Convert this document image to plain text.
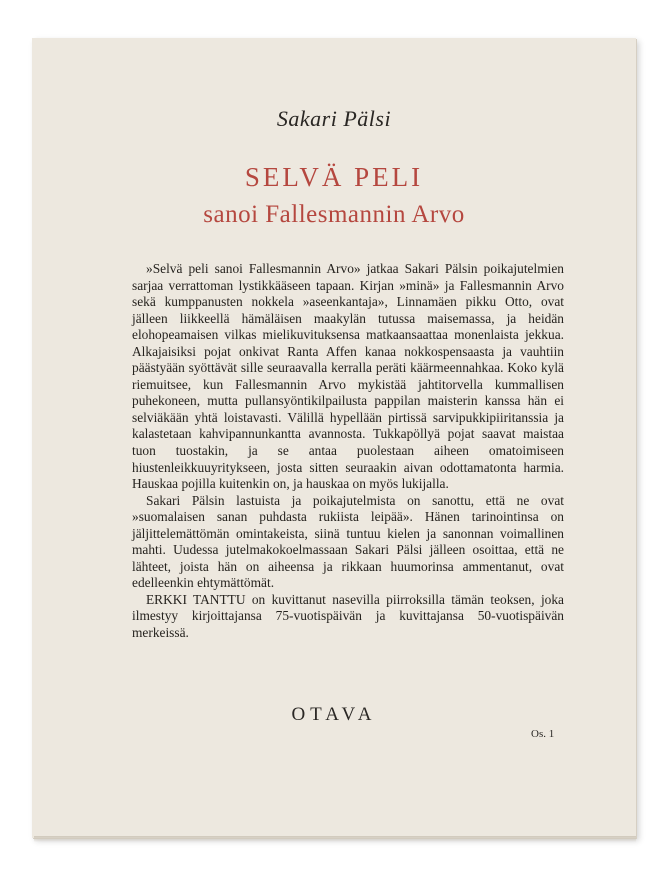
Sakari Pälsi
SELVÄ PELI
sanoi Fallesmannin Arvo

»Selvä peli sanoi Fallesmannin Arvo» jatkaa Sakari Pälsin poikajutelmien sarjaa verrattoman lystikkääseen tapaan. Kirjan »minä» ja Fallesmannin Arvo sekä kumppanusten nokkela »aseenkantaja», Linnamäen pikku Otto, ovat jälleen liikkeellä hämäläisen maakylän tutussa maisemassa, ja heidän elohopeamaisen vilkas mielikuvituksensa matkaansaattaa monenlaista jekkua. Alkajaisiksi pojat onkivat Ranta Affen kanaa nokkospensaasta ja vauhtiin päästyään syöttävät sille seuraavalla kerralla peräti käärmeennahkaa. Koko kylä riemuitsee, kun Fallesmannin Arvo mykistää jahtitorvella kummallisen puhekoneen, mutta pullansyöntikilpailusta pappilan maisterin kanssa hän ei selviäkään yhtä loistavasti. Välillä hypellään pirtissä sarvipukkipiiritanssia ja kalastetaan kahvipannunkantta avannosta. Tukkapöllyä pojat saavat maistaa tuon tuostakin, ja se antaa puolestaan aiheen omatoimiseen hiustenleikkuuyritykseen, josta sitten seuraakin aivan odottamatonta harmia. Hauskaa pojilla kuitenkin on, ja hauskaa on myös lukijalla.

Sakari Pälsin lastuista ja poikajutelmista on sanottu, että ne ovat »suomalaisen sanan puhdasta rukiista leipää». Hänen tarinointinsa on jäljittelemättömän omintakeista, siinä tuntuu kielen ja sanonnan voimallinen mahti. Uudessa jutelmakokoelmassaan Sakari Pälsi jälleen osoittaa, että ne lähteet, joista hän on aiheensa ja rikkaan huumorinsa ammentanut, ovat edelleenkin ehtymättömät.

ERKKI TANTTU on kuvittanut nasevilla piirroksilla tämän teoksen, joka ilmestyy kirjoittajansa 75-vuotispäivän ja kuvittajansa 50-vuotispäivän merkeissä.

OTAVA
Os. 1
